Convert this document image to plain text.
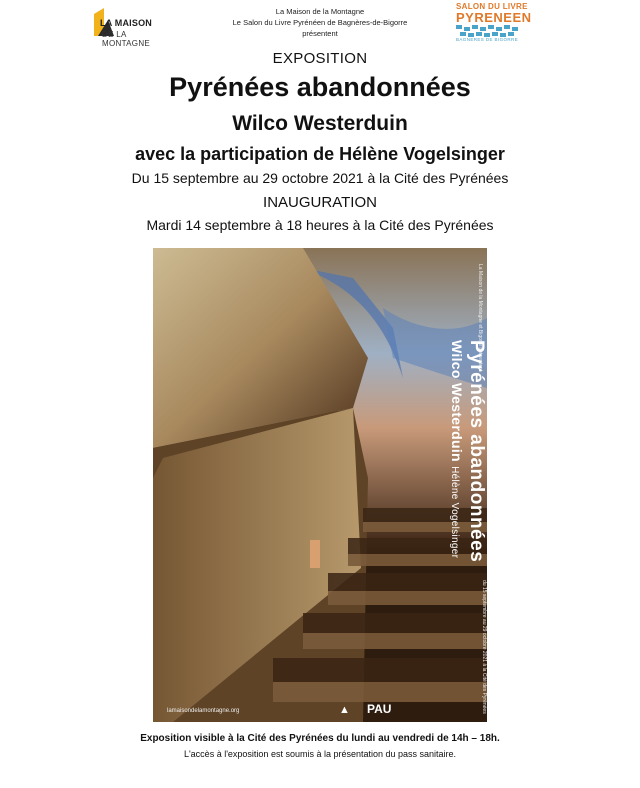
LA MAISON
DE LA MONTAGNE
La Maison de la Montagne
Le Salon du Livre Pyrénéen de Bagnères-de-Bigorre
présentent
SALON DU LIVRE
PYRENEEN
BAGNERES DE BIGORRE
EXPOSITION
Pyrénées abandonnées
Wilco Westerduin
avec la participation de Hélène Vogelsinger
Du 15 septembre au 29 octobre 2021 à la Cité des Pyrénées
INAUGURATION
Mardi 14 septembre à 18 heures à la Cité des Pyrénées
La Maison de la Montagne et Bigorre présentent
Pyrénées abandonnées
Wilco Westerduin Hélène Vogelsinger
du 15 septembre au 29 octobre 2021 à la Cité des Pyrénées
lamaisondelamontagne.org	▲ PAU
Exposition visible à la Cité des Pyrénées du lundi au vendredi de 14h – 18h.
L'accès à l'exposition est soumis à la présentation du pass sanitaire.
